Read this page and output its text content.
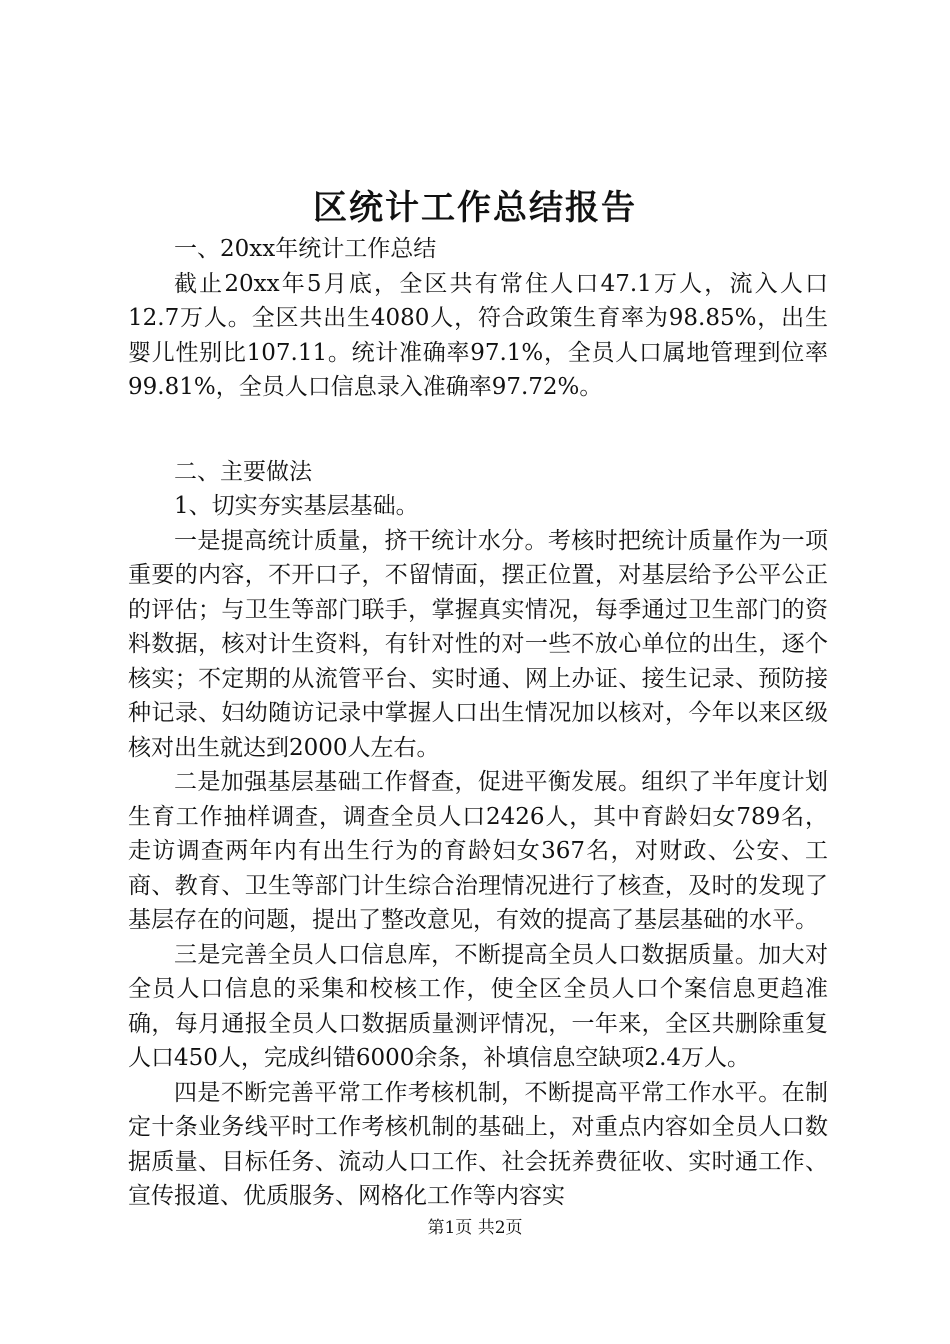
区统计工作总结报告

一、20xx年统计工作总结

截止20xx年5月底，全区共有常住人口47.1万人，流入人口12.7万人。全区共出生4080人，符合政策生育率为98.85%，出生婴儿性别比107.11。统计准确率97.1%，全员人口属地管理到位率99.81%，全员人口信息录入准确率97.72%。

二、主要做法

1、切实夯实基层基础。

一是提高统计质量，挤干统计水分。考核时把统计质量作为一项重要的内容，不开口子，不留情面，摆正位置，对基层给予公平公正的评估；与卫生等部门联手，掌握真实情况，每季通过卫生部门的资料数据，核对计生资料，有针对性的对一些不放心单位的出生，逐个核实；不定期的从流管平台、实时通、网上办证、接生记录、预防接种记录、妇幼随访记录中掌握人口出生情况加以核对，今年以来区级核对出生就达到2000人左右。

二是加强基层基础工作督查，促进平衡发展。组织了半年度计划生育工作抽样调查，调查全员人口2426人，其中育龄妇女789名，走访调查两年内有出生行为的育龄妇女367名，对财政、公安、工商、教育、卫生等部门计生综合治理情况进行了核查，及时的发现了基层存在的问题，提出了整改意见，有效的提高了基层基础的水平。

三是完善全员人口信息库，不断提高全员人口数据质量。加大对全员人口信息的采集和校核工作，使全区全员人口个案信息更趋准确，每月通报全员人口数据质量测评情况，一年来，全区共删除重复人口450人，完成纠错6000余条，补填信息空缺项2.4万人。

四是不断完善平常工作考核机制，不断提高平常工作水平。在制定十条业务线平时工作考核机制的基础上，对重点内容如全员人口数据质量、目标任务、流动人口工作、社会抚养费征收、实时通工作、宣传报道、优质服务、网格化工作等内容实

第1页 共2页
